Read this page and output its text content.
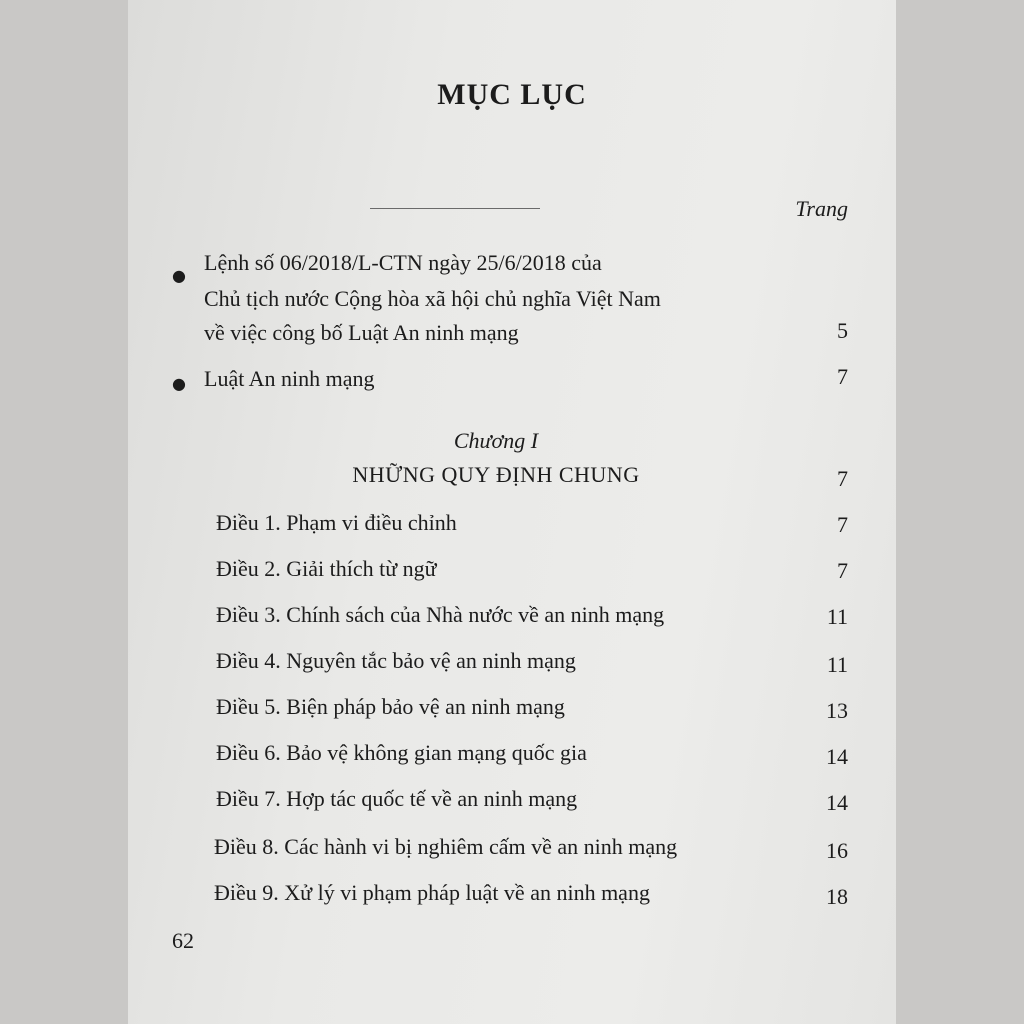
MỤC LỤC
Trang
●
Lệnh số 06/2018/L-CTN ngày 25/6/2018 của
Chủ tịch nước Cộng hòa xã hội chủ nghĩa Việt Nam
về việc công bố Luật An ninh mạng	5
● Luật An ninh mạng	7
Chương I
NHỮNG QUY ĐỊNH CHUNG	7
Điều 1. Phạm vi điều chỉnh	7
Điều 2. Giải thích từ ngữ	7
Điều 3. Chính sách của Nhà nước về an ninh mạng	11
Điều 4. Nguyên tắc bảo vệ an ninh mạng	11
Điều 5. Biện pháp bảo vệ an ninh mạng	13
Điều 6. Bảo vệ không gian mạng quốc gia	14
Điều 7. Hợp tác quốc tế về an ninh mạng	14
Điều 8. Các hành vi bị nghiêm cấm về an ninh mạng	16
Điều 9. Xử lý vi phạm pháp luật về an ninh mạng	18
62
